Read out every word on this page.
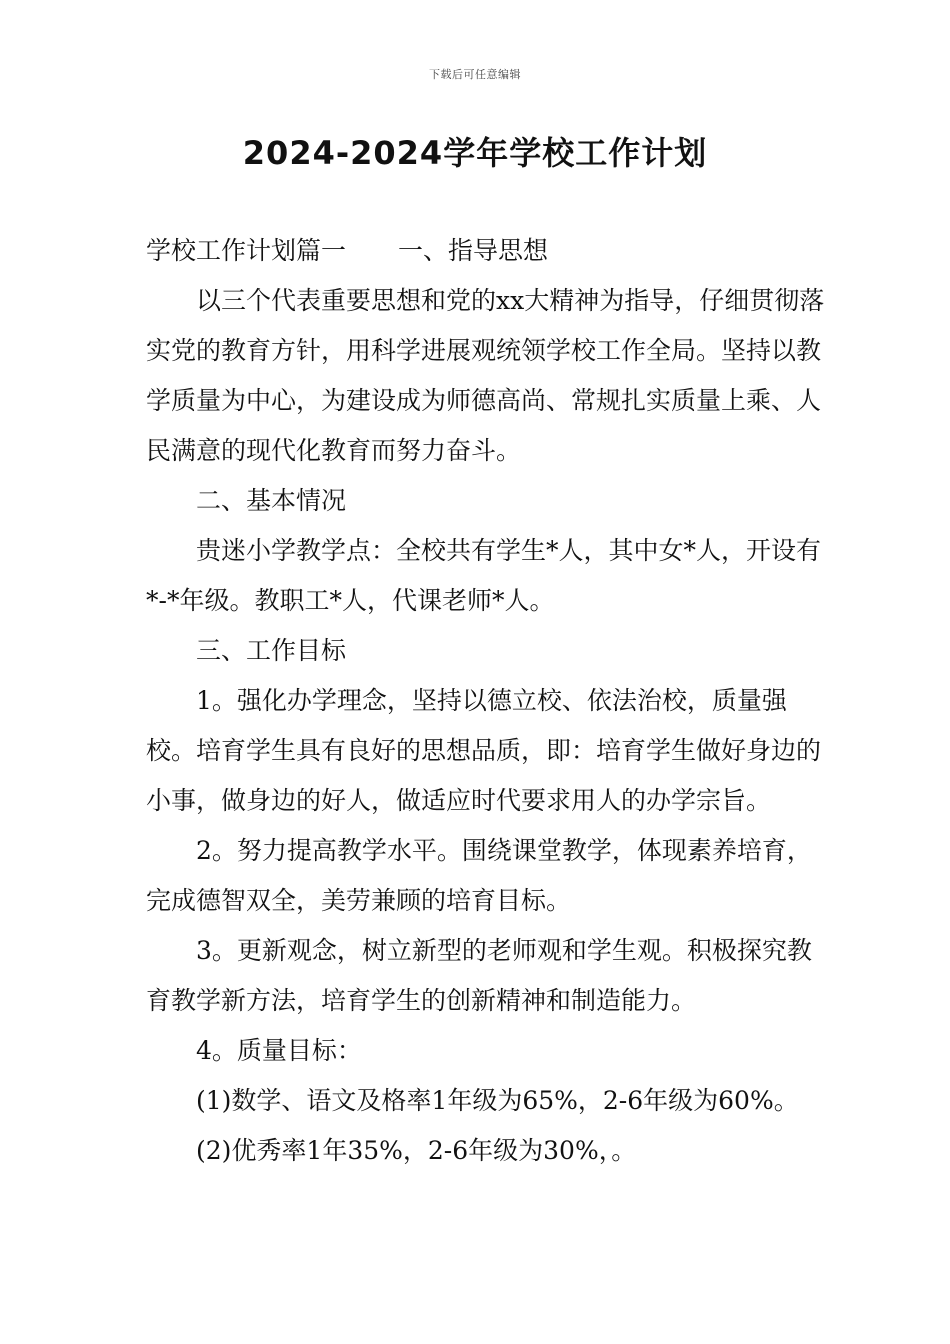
下载后可任意编辑
2024-2024学年学校工作计划

学校工作计划篇一 一、指导思想

以三个代表重要思想和党的xx大精神为指导，仔细贯彻落实党的教育方针，用科学进展观统领学校工作全局。坚持以教学质量为中心，为建设成为师德高尚、常规扎实质量上乘、人民满意的现代化教育而努力奋斗。

二、基本情况

贵迷小学教学点：全校共有学生*人，其中女*人，开设有*-*年级。教职工*人，代课老师*人。

三、工作目标

1。强化办学理念，坚持以德立校、依法治校，质量强校。培育学生具有良好的思想品质，即：培育学生做好身边的小事，做身边的好人，做适应时代要求用人的办学宗旨。

2。努力提高教学水平。围绕课堂教学，体现素养培育，完成德智双全，美劳兼顾的培育目标。

3。更新观念，树立新型的老师观和学生观。积极探究教育教学新方法，培育学生的创新精神和制造能力。

4。质量目标：

(1)数学、语文及格率1年级为65%，2-6年级为60%。

(2)优秀率1年35%，2-6年级为30%，。
